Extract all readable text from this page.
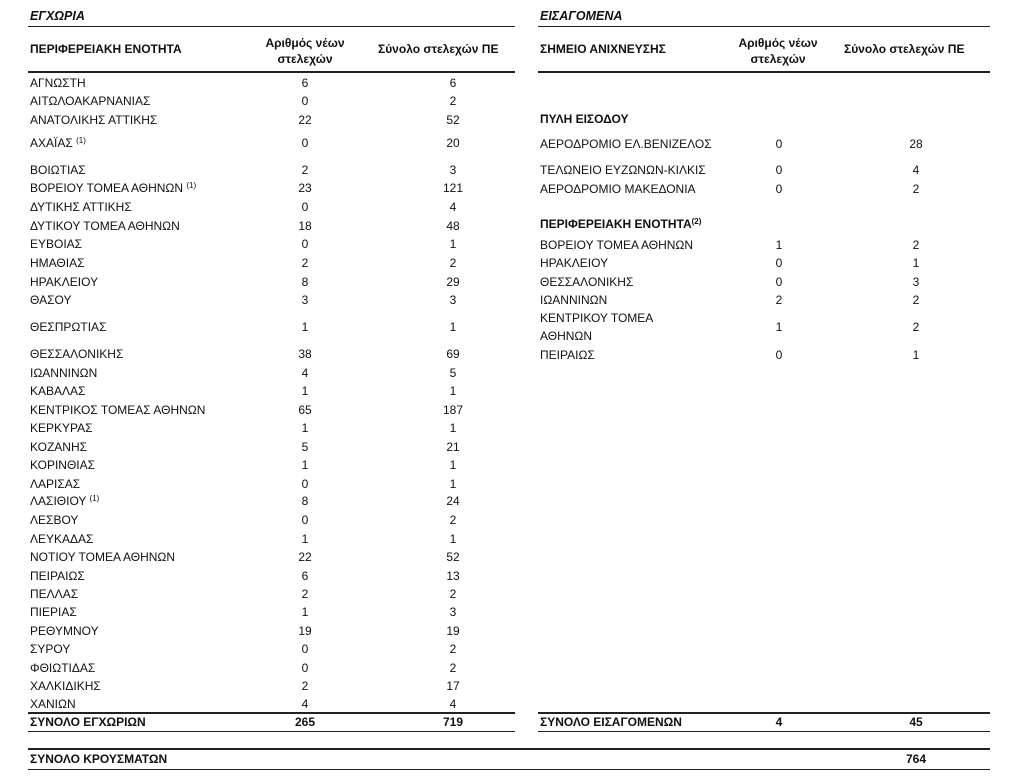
ΕΓΧΩΡΙΑ
ΠΕΡΙΦΕΡΕΙΑΚΗ ΕΝΟΤΗΤΑ	Αριθμός νέων
στελεχών
Σύνολο στελεχών ΠΕ
ΑΓΝΩΣΤΗ	6	6
ΑΙΤΩΛΟΑΚΑΡΝΑΝΙΑΣ	0	2
ΑΝΑΤΟΛΙΚΗΣ ΑΤΤΙΚΗΣ	22	52
ΑΧΑΪΑΣ $^{(1)}$	0	20
ΒΟΙΩΤΙΑΣ	2	3
ΒΟΡΕΙΟΥ ΤΟΜΕΑ ΑΘΗΝΩΝ $^{(1)}$	23	121
ΔΥΤΙΚΗΣ ΑΤΤΙΚΗΣ	0	4
ΔΥΤΙΚΟΥ ΤΟΜΕΑ ΑΘΗΝΩΝ	18	48
ΕΥΒΟΙΑΣ	0	1
ΗΜΑΘΙΑΣ	2	2
ΗΡΑΚΛΕΙΟΥ	8	29
ΘΑΣΟΥ	3	3
ΘΕΣΠΡΩΤΙΑΣ	1	1
ΘΕΣΣΑΛΟΝΙΚΗΣ	38	69
ΙΩΑΝΝΙΝΩΝ	4	5
ΚΑΒΑΛΑΣ	1	1
ΚΕΝΤΡΙΚΟΣ ΤΟΜΕΑΣ ΑΘΗΝΩΝ	65	187
ΚΕΡΚΥΡΑΣ	1	1
ΚΟΖΑΝΗΣ	5	21
ΚΟΡΙΝΘΙΑΣ	1	1
ΛΑΡΙΣΑΣ	0	1
ΛΑΣΙΘΙΟΥ $^{(1)}$	8	24
ΛΕΣΒΟΥ	0	2
ΛΕΥΚΑΔΑΣ	1	1
ΝΟΤΙΟΥ ΤΟΜΕΑ ΑΘΗΝΩΝ	22	52
ΠΕΙΡΑΙΩΣ	6	13
ΠΕΛΛΑΣ	2	2
ΠΙΕΡΙΑΣ	1	3
ΡΕΘΥΜΝΟΥ	19	19
ΣΥΡΟΥ	0	2
ΦΘΙΩΤΙΔΑΣ	0	2
ΧΑΛΚΙΔΙΚΗΣ	2	17
ΧΑΝΙΩΝ	4	4
ΣΥΝΟΛΟ ΕΓΧΩΡΙΩΝ	265	719
ΕΙΣΑΓΟΜΕΝΑ
ΣΗΜΕΙΟ ΑΝΙΧΝΕΥΣΗΣ	Αριθμός νέων
στελεχών
Σύνολο στελεχών ΠΕ
ΠΥΛΗ ΕΙΣΟΔΟΥ
ΑΕΡΟΔΡΟΜΙΟ ΕΛ.ΒΕΝΙΖΕΛΟΣ	0	28
ΤΕΛΩΝΕΙΟ ΕΥΖΩΝΩΝ-ΚΙΛΚΙΣ	0	4
ΑΕΡΟΔΡΟΜΙΟ ΜΑΚΕΔΟΝΙΑ	0	2
ΠΕΡΙΦΕΡΕΙΑΚΗ ΕΝΟΤΗΤΑ$^{(2)}$
ΒΟΡΕΙΟΥ ΤΟΜΕΑ ΑΘΗΝΩΝ	1	2
ΗΡΑΚΛΕΙΟΥ	0	1
ΘΕΣΣΑΛΟΝΙΚΗΣ	0	3
ΙΩΑΝΝΙΝΩΝ	2	2
ΚΕΝΤΡΙΚΟΥ ΤΟΜΕΑ
ΑΘΗΝΩΝ
1	2
ΠΕΙΡΑΙΩΣ	0	1
ΣΥΝΟΛΟ ΕΙΣΑΓΟΜΕΝΩΝ	4	45
ΣΥΝΟΛΟ ΚΡΟΥΣΜΑΤΩΝ	764
